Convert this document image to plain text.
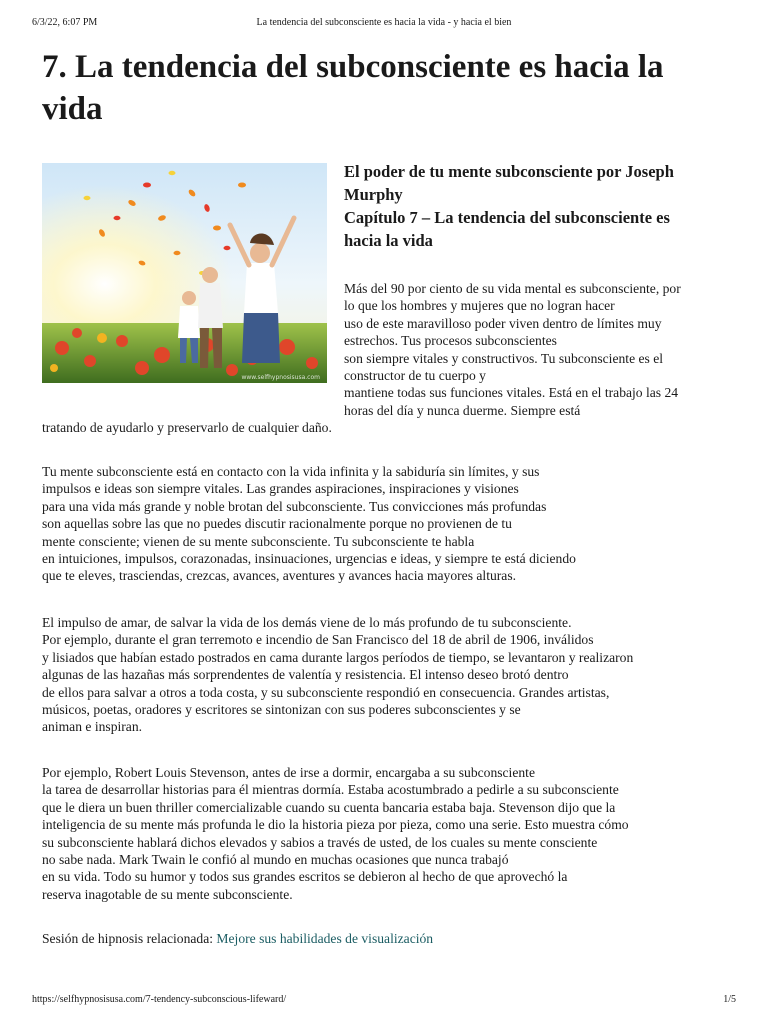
6/3/22, 6:07 PM	La tendencia del subconsciente es hacia la vida - y hacia el bien
7. La tendencia del subconsciente es hacia la vida
www.selfhypnosisusa.com
El poder de tu mente subconsciente por Joseph
Murphy
Capítulo 7 – La tendencia del subconsciente es
hacia la vida

Más del 90 por ciento de su vida mental es subconsciente, por
lo que los hombres y mujeres que no logran hacer
uso de este maravilloso poder viven dentro de límites muy
estrechos. Tus procesos subconscientes
son siempre vitales y constructivos. Tu subconsciente es el
constructor de tu cuerpo y
mantiene todas sus funciones vitales. Está en el trabajo las 24
horas del día y nunca duerme. Siempre está

tratando de ayudarlo y preservarlo de cualquier daño.

Tu mente subconsciente está en contacto con la vida infinita y la sabiduría sin límites, y sus
impulsos e ideas son siempre vitales. Las grandes aspiraciones, inspiraciones y visiones
para una vida más grande y noble brotan del subconsciente. Tus convicciones más profundas
son aquellas sobre las que no puedes discutir racionalmente porque no provienen de tu
mente consciente; vienen de su mente subconsciente. Tu subconsciente te habla
en intuiciones, impulsos, corazonadas, insinuaciones, urgencias e ideas, y siempre te está diciendo
que te eleves, trasciendas, crezcas, avances, aventures y avances hacia mayores alturas.

El impulso de amar, de salvar la vida de los demás viene de lo más profundo de tu subconsciente.
Por ejemplo, durante el gran terremoto e incendio de San Francisco del 18 de abril de 1906, inválidos
y lisiados que habían estado postrados en cama durante largos períodos de tiempo, se levantaron y realizaron
algunas de las hazañas más sorprendentes de valentía y resistencia. El intenso deseo brotó dentro
de ellos para salvar a otros a toda costa, y su subconsciente respondió en consecuencia. Grandes artistas,
músicos, poetas, oradores y escritores se sintonizan con sus poderes subconscientes y se
animan e inspiran.

Por ejemplo, Robert Louis Stevenson, antes de irse a dormir, encargaba a su subconsciente
la tarea de desarrollar historias para él mientras dormía. Estaba acostumbrado a pedirle a su subconsciente
que le diera un buen thriller comercializable cuando su cuenta bancaria estaba baja. Stevenson dijo que la
inteligencia de su mente más profunda le dio la historia pieza por pieza, como una serie. Esto muestra cómo
su subconsciente hablará dichos elevados y sabios a través de usted, de los cuales su mente consciente
no sabe nada. Mark Twain le confió al mundo en muchas ocasiones que nunca trabajó
en su vida. Todo su humor y todos sus grandes escritos se debieron al hecho de que aprovechó la
reserva inagotable de su mente subconsciente.

Sesión de hipnosis relacionada: Mejore sus habilidades de visualización

https://selfhypnosisusa.com/7-tendency-subconscious-lifeward/	1/5
